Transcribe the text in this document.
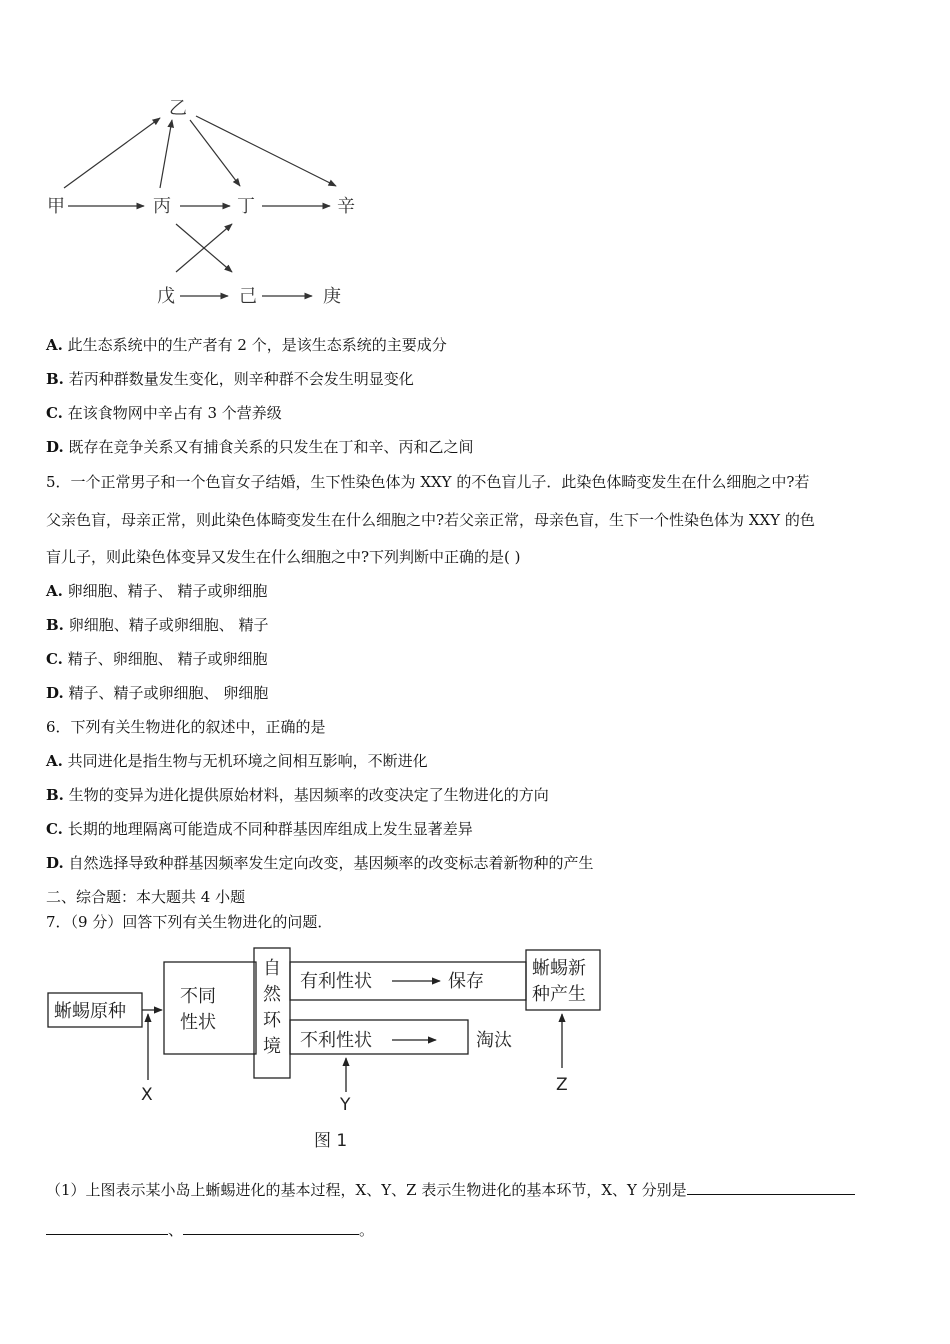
乙
甲	丙	丁	辛
戊	己	庚
A. 此生态系统中的生产者有 2 个，是该生态系统的主要成分
B. 若丙种群数量发生变化，则辛种群不会发生明显变化
C. 在该食物网中辛占有 3 个营养级
D. 既存在竞争关系又有捕食关系的只发生在丁和辛、丙和乙之间
5．一个正常男子和一个色盲女子结婚，生下性染色体为 XXY 的不色盲儿子．此染色体畸变发生在什么细胞之中?若
父亲色盲，母亲正常，则此染色体畸变发生在什么细胞之中?若父亲正常，母亲色盲，生下一个性染色体为 XXY 的色
盲儿子，则此染色体变异又发生在什么细胞之中?下列判断中正确的是( )
A. 卵细胞、精子、 精子或卵细胞
B. 卵细胞、精子或卵细胞、 精子
C. 精子、卵细胞、 精子或卵细胞
D. 精子、精子或卵细胞、 卵细胞
6．下列有关生物进化的叙述中，正确的是
A. 共同进化是指生物与无机环境之间相互影响，不断进化
B. 生物的变异为进化提供原始材料，基因频率的改变决定了生物进化的方向
C. 长期的地理隔离可能造成不同种群基因库组成上发生显著差异
D. 自然选择导致种群基因频率发生定向改变，基因频率的改变标志着新物种的产生
二、综合题：本大题共 4 小题
7．（9 分）回答下列有关生物进化的问题．
蜥蜴原种
不同
性状
自
然
环
境
有利性状	保存
不利性状	淘汰
蜥蜴新
种产生
X	Y
Z
图 1
（1）上图表示某小岛上蜥蜴进化的基本过程，X、Y、Z 表示生物进化的基本环节，X、Y 分别是
、	。
